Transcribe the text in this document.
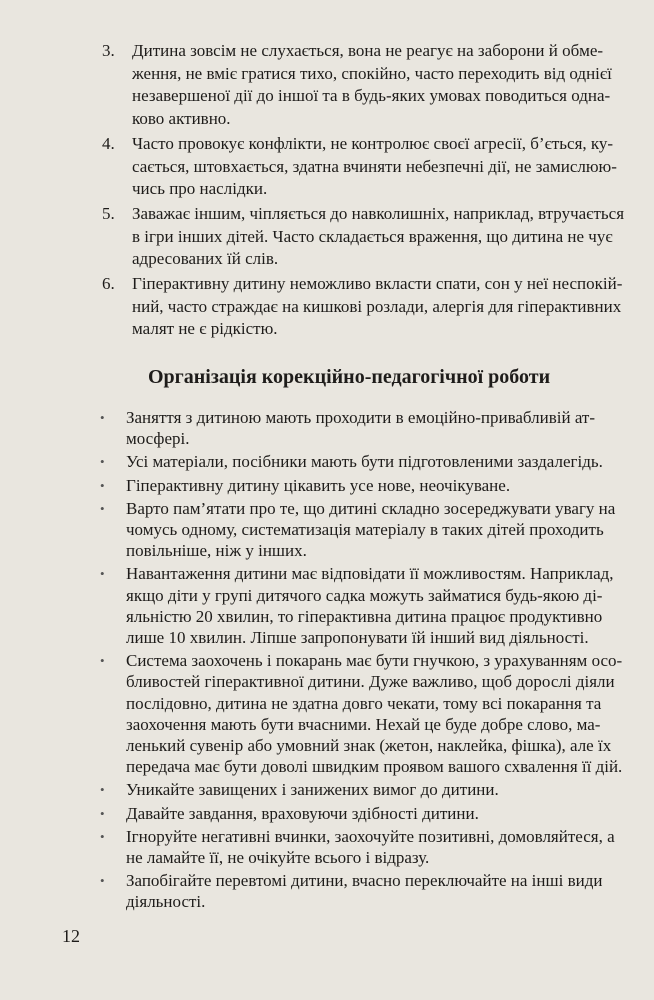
3.	Дитина зовсім не слухається, вона не реагує на заборони й обме-
ження, не вміє гратися тихо, спокійно, часто переходить від однієї
незавершеної дії до іншої та в будь-яких умовах поводиться одна-
ково активно.
4.	Часто провокує конфлікти, не контролює своєї агресії, б’ється, ку-
сається, штовхається, здатна вчиняти небезпечні дії, не замислюю-
чись про наслідки.
5.	Заважає іншим, чіпляється до навколишніх, наприклад, втручається
в ігри інших дітей. Часто складається враження, що дитина не чує
адресованих їй слів.
6.	Гіперактивну дитину неможливо вкласти спати, сон у неї неспокій-
ний, часто страждає на кишкові розлади, алергія для гіперактивних
малят не є рідкістю.
Організація корекційно-педагогічної роботи
•	Заняття з дитиною мають проходити в емоційно-привабливій ат-
мосфері.
•	Усі матеріали, посібники мають бути підготовленими заздалегідь.
•	Гіперактивну дитину цікавить усе нове, неочікуване.
•	Варто пам’ятати про те, що дитині складно зосереджувати увагу на
чомусь одному, систематизація матеріалу в таких дітей проходить
повільніше, ніж у інших.
•	Навантаження дитини має відповідати її можливостям. Наприклад,
якщо діти у групі дитячого садка можуть займатися будь-якою ді-
яльністю 20 хвилин, то гіперактивна дитина працює продуктивно
лише 10 хвилин. Ліпше запропонувати їй інший вид діяльності.
•	Система заохочень і покарань має бути гнучкою, з урахуванням осо-
бливостей гіперактивної дитини. Дуже важливо, щоб дорослі діяли
послідовно, дитина не здатна довго чекати, тому всі покарання та
заохочення мають бути вчасними. Нехай це буде добре слово, ма-
ленький сувенір або умовний знак (жетон, наклейка, фішка), але їх
передача має бути доволі швидким проявом вашого схвалення її дій.
•	Уникайте завищених і занижених вимог до дитини.
•	Давайте завдання, враховуючи здібності дитини.
•	Ігноруйте негативні вчинки, заохочуйте позитивні, домовляйтеся, а
не ламайте її, не очікуйте всього і відразу.
•	Запобігайте перевтомі дитини, вчасно переключайте на інші види
діяльності.
12
